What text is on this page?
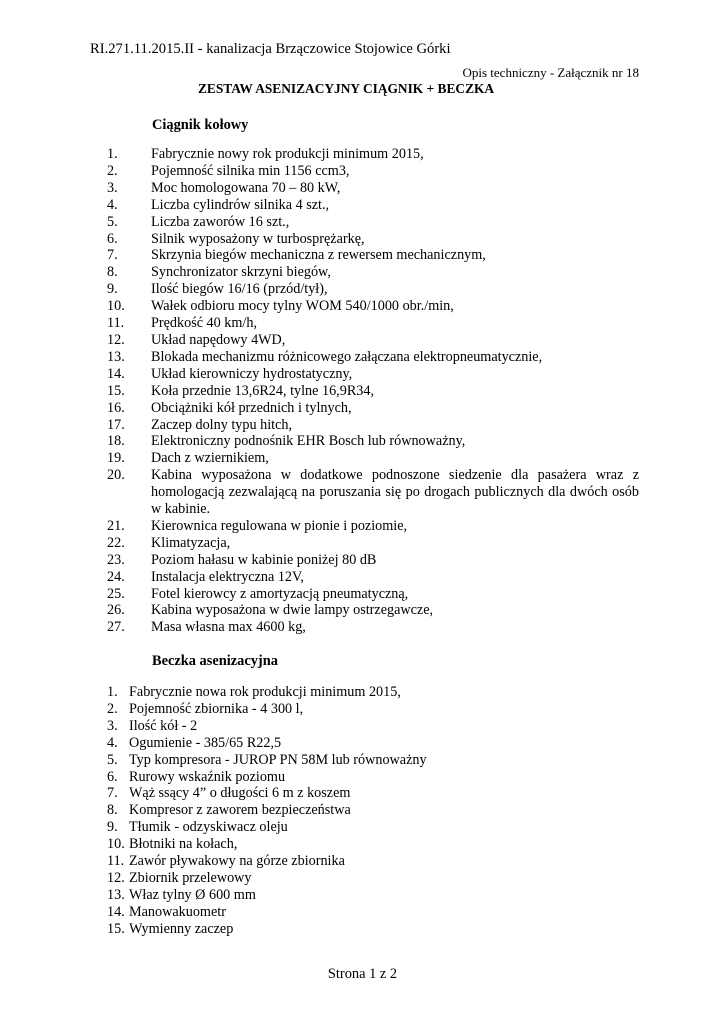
RI.271.11.2015.II - kanalizacja Brzączowice Stojowice Górki
Opis techniczny - Załącznik nr 18
ZESTAW ASENIZACYJNY CIĄGNIK + BECZKA
Ciągnik kołowy
1.	Fabrycznie nowy rok produkcji minimum 2015,
2.	Pojemność silnika min 1156 ccm3,
3.	Moc homologowana 70 – 80 kW,
4.	Liczba cylindrów silnika 4 szt.,
5.	Liczba zaworów 16 szt.,
6.	Silnik wyposażony w turbosprężarkę,
7.	Skrzynia biegów mechaniczna z rewersem mechanicznym,
8.	Synchronizator skrzyni biegów,
9.	Ilość biegów 16/16 (przód/tył),
10.	Wałek odbioru mocy tylny WOM 540/1000 obr./min,
11.	Prędkość 40 km/h,
12.	Układ napędowy 4WD,
13.	Blokada mechanizmu różnicowego załączana elektropneumatycznie,
14.	Układ kierowniczy hydrostatyczny,
15.	Koła przednie 13,6R24, tylne 16,9R34,
16.	Obciążniki kół przednich i tylnych,
17.	Zaczep dolny typu hitch,
18.	Elektroniczny podnośnik EHR Bosch lub równoważny,
19.	Dach z wziernikiem,
20.	Kabina wyposażona w dodatkowe podnoszone siedzenie dla pasażera wraz z homologacją zezwalającą na poruszania się po drogach publicznych dla dwóch osób w kabinie.
21.	Kierownica regulowana w pionie i poziomie,
22.	Klimatyzacja,
23.	Poziom hałasu w kabinie poniżej 80 dB
24.	Instalacja elektryczna 12V,
25.	Fotel kierowcy z amortyzacją pneumatyczną,
26.	Kabina wyposażona w dwie lampy ostrzegawcze,
27.	Masa własna max 4600 kg,
Beczka asenizacyjna
1. Fabrycznie nowa rok produkcji minimum 2015,
2. Pojemność zbiornika - 4 300 l,
3. Ilość kół - 2
4. Ogumienie - 385/65 R22,5
5. Typ kompresora - JUROP PN 58M lub równoważny
6. Rurowy wskaźnik poziomu
7. Wąż ssący 4” o długości 6 m z koszem
8. Kompresor z zaworem bezpieczeństwa
9. Tłumik - odzyskiwacz oleju
10. Błotniki na kołach,
11. Zawór pływakowy na górze zbiornika
12. Zbiornik przelewowy
13. Właz tylny Ø 600 mm
14. Manowakuometr
15. Wymienny zaczep
Strona 1 z 2
